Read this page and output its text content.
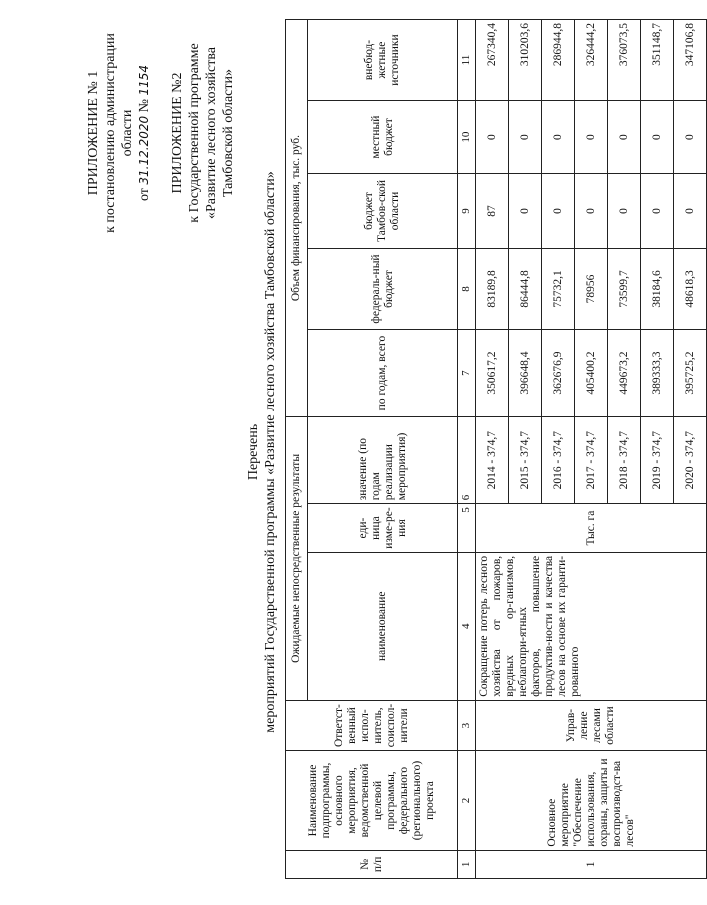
ПРИЛОЖЕНИЕ № 1 к постановлению администрации области

от 31.12.2020 № 1154 ПРИЛОЖЕНИЕ №2 к Государственной программе «Развитие лесного хозяйства Тамбовской области»

Перечень мероприятий Государственной программы «Развитие лесного хозяйства Тамбовской области»

№ п/п	Наименование подпрограммы, основного мероприятия, ведомственной целевой программы, федерального (регионального) проекта	Ответст-венный испол-нитель, соиспол-нители	Ожидаемые непосредственные результаты			Объем финансирования, тыс. руб.				
			наименование	еди-ница изме-ре-ния	значение (по годам реализации мероприятия)	по годам, всего	федераль-ный бюджет	бюджет Тамбов-ской области	местный бюджет	внебюд-жетные источники
1	2	3	4	5	6	7	8	9	10	11
1	Основное мероприятие "Обеспечение использования, охраны, защиты и воспроизводст-ва лесов"	Управ-ление лесами области	Сокращение потерь лесного хозяйства от пожаров, вредных ор-ганизмов, неблагопри-ятных факторов, повышение продуктив-ности и качества лесов на основе их гаранти-рованного	Тыс. га	2014 - 374,7	350617,2	83189,8	87	0	267340,4
					2015 - 374,7	396648,4	86444,8	0	0	310203,6
					2016 - 374,7	362676,9	75732,1	0	0	286944,8
					2017 - 374,7	405400,2	78956	0	0	326444,2
					2018 - 374,7	449673,2	73599,7	0	0	376073,5
					2019 - 374,7	389333,3	38184,6	0	0	351148,7
					2020 - 374,7	395725,2	48618,3	0	0	347106,8
